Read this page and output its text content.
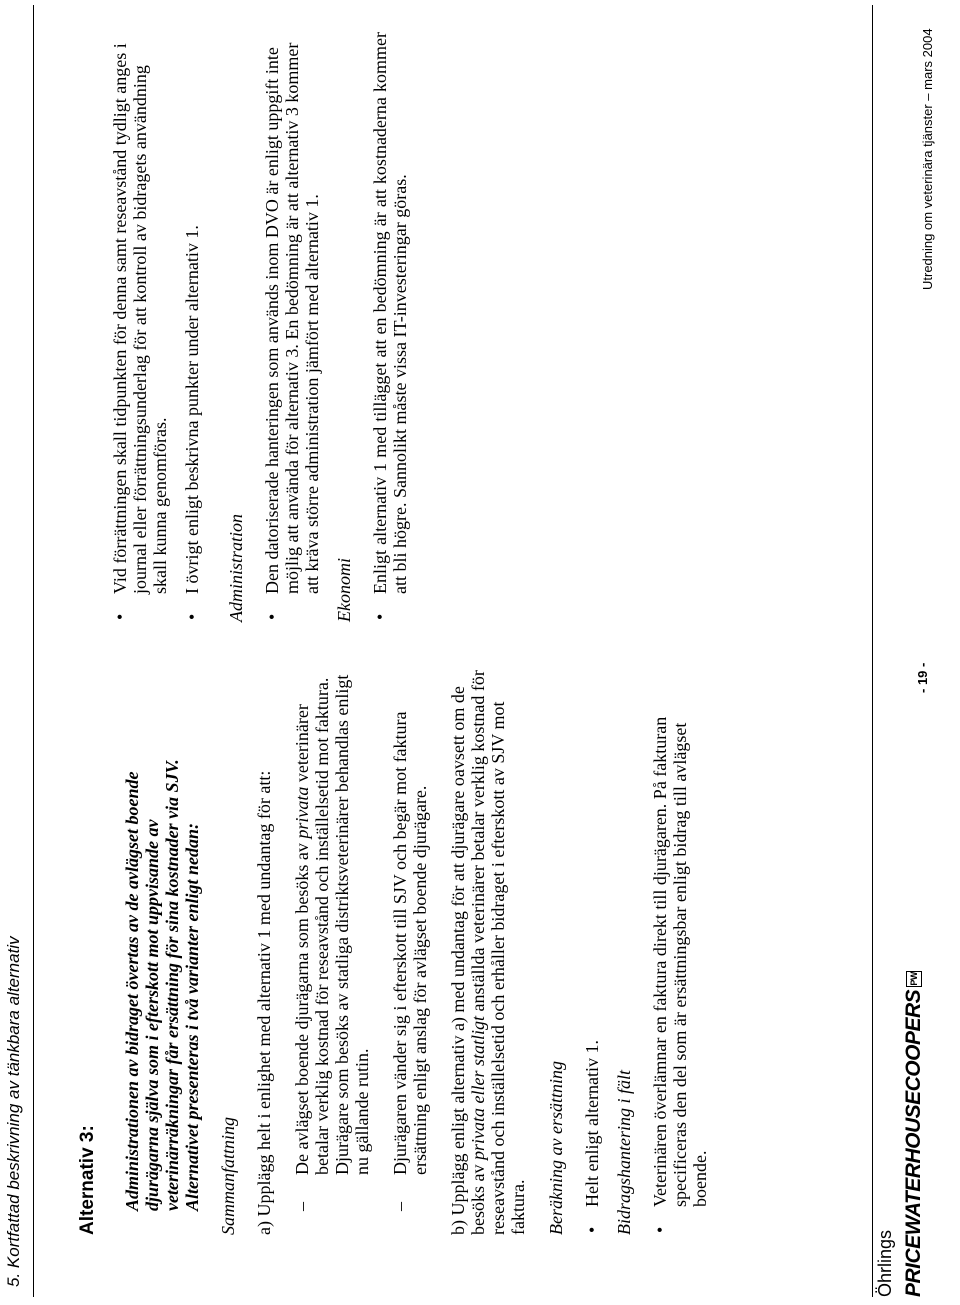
5. Kortfattad beskrivning av tänkbara alternativ	Alternativ 3: Administrationen av bidraget övertas av de avlägset boende djurägarna själva som i efterskott mot uppvisande av veterinärräkningar får ersättning för sina kostnader via SJV. Alternativet presenteras i två varianter enligt nedan: Sammanfattning a) Upplägg helt i enlighet med alternativ 1 med undantag för att: –
De avlägset boende djurägarna som besöks av privata veterinärer betalar verklig kostnad för reseavstånd och inställelsetid mot faktura. Djurägare som besöks av statliga distriktsveterinärer behandlas enligt nu gällande rutin.
–
Djurägaren vänder sig i efterskott till SJV och begär mot faktura ersättning enligt anslag för avlägset boende djurägare. b) Upplägg enligt alternativ a) med undantag för att djurägare oavsett om de besöks av privata eller statligt anställda veterinärer betalar verklig kostnad för reseavstånd och inställelsetid och erhåller bidraget i efterskott av SJV mot faktura. Beräkning av ersättning •
Helt enligt alternativ 1. Bidragshantering i fält •
Veterinären överlämnar en faktura direkt till djurägaren. På fakturan specificeras den del som är ersättningsbar enligt bidrag till avlägset boende.
•
Vid förrättningen skall tidpunkten för denna samt reseavstånd tydligt anges i journal eller förrättningsunderlag för att kontroll av bidragets användning skall kunna genomföras.
•
I övrigt enligt beskrivna punkter under alternativ 1. Administration •
Den datoriserade hanteringen som används inom DVO är enligt uppgift inte möjlig att använda för alternativ 3. En bedömning är att alternativ 3 kommer att kräva större administration jämfört med alternativ 1. Ekonomi •
Enligt alternativ 1 med tillägget att en bedömning är att kostnaderna kommer att bli högre. Sannolikt måste vissa IT-investeringar göras.
Öhrlings PRICEWATERHOUSECOOPERSPW
- 19 -
Utredning om veterinära tjänster – mars 2004
